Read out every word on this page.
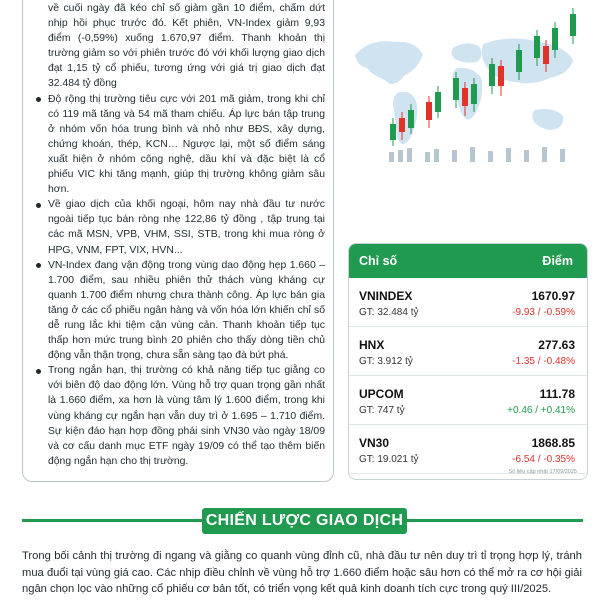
về cuối ngày đã kéo chỉ số giảm gần 10 điểm, chấm dứt nhịp hồi phục trước đó. Kết phiên, VN-Index giảm 9,93 điểm (-0,59%) xuống 1.670,97 điểm. Thanh khoản thị trường giảm so với phiên trước đó với khối lượng giao dịch đạt 1,15 tỷ cổ phiếu, tương ứng với giá trị giao dịch đạt 32.484 tỷ đồng
Độ rộng thị trường tiêu cực với 201 mã giảm, trong khi chỉ có 119 mã tăng và 54 mã tham chiếu. Áp lực bán tập trung ở nhóm vốn hóa trung bình và nhỏ như BĐS, xây dựng, chứng khoán, thép, KCN… Ngược lại, một số điểm sáng xuất hiện ở nhóm công nghệ, dầu khí và đặc biệt là cổ phiếu VIC khi tăng mạnh, giúp thị trường không giảm sâu hơn.
Về giao dịch của khối ngoại, hôm nay nhà đầu tư nước ngoài tiếp tục bán ròng nhẹ 122,86 tỷ đồng , tập trung tại các mã MSN, VPB, VHM, SSI, STB, trong khi mua ròng ở HPG, VNM, FPT, VIX, HVN...
VN-Index đang vận động trong vùng dao động hẹp 1.660 – 1.700 điểm, sau nhiều phiên thử thách vùng kháng cự quanh 1.700 điểm nhưng chưa thành công. Áp lực bán gia tăng ở các cổ phiếu ngân hàng và vốn hóa lớn khiến chỉ số dễ rung lắc khi tiệm cận vùng cản. Thanh khoản tiếp tục thấp hơn mức trung bình 20 phiên cho thấy dòng tiền chủ động vẫn thận trọng, chưa sẵn sàng tạo đà bứt phá.
Trong ngắn hạn, thị trường có khả năng tiếp tục giằng co với biên độ dao động lớn. Vùng hỗ trợ quan trọng gần nhất là 1.660 điểm, xa hơn là vùng tâm lý 1.600 điểm, trong khi vùng kháng cự ngắn hạn vẫn duy trì ở 1.695 – 1.710 điểm. Sự kiện đáo hạn hợp đồng phái sinh VN30 vào ngày 18/09 và cơ cấu danh mục ETF ngày 19/09 có thể tạo thêm biến động ngắn hạn cho thị trường.
Chỉ số	Điểm
VNINDEX	1670.97
GT: 32.484 tỷ	-9.93 / -0.59%
HNX	277.63
GT: 3.912 tỷ	-1.35 / -0.48%
UPCOM	111.78
GT: 747 tỷ	+0.46 / +0.41%
VN30	1868.85
GT: 19.021 tỷ	-6.54 / -0.35%
Số liệu cập nhật 17/09/2025
CHIẾN LƯỢC GIAO DỊCH

Trong bối cảnh thị trường đi ngang và giằng co quanh vùng đỉnh cũ, nhà đầu tư nên duy trì tỉ trọng hợp lý, tránh mua đuổi tại vùng giá cao. Các nhịp điều chỉnh về vùng hỗ trợ 1.660 điểm hoặc sâu hơn có thể mở ra cơ hội giải ngân chọn lọc vào những cổ phiếu cơ bản tốt, có triển vọng kết quả kinh doanh tích cực trong quý III/2025.
